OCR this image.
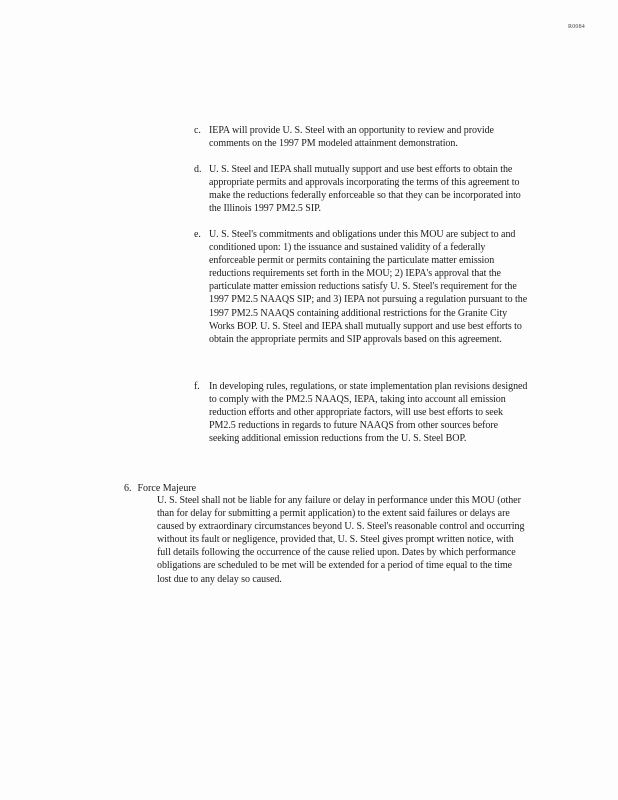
R0084
c. IEPA will provide U. S. Steel with an opportunity to review and provide comments on the 1997 PM modeled attainment demonstration.

d. U. S. Steel and IEPA shall mutually support and use best efforts to obtain the appropriate permits and approvals incorporating the terms of this agreement to make the reductions federally enforceable so that they can be incorporated into the Illinois 1997 PM2.5 SIP.

e. U. S. Steel's commitments and obligations under this MOU are subject to and conditioned upon: 1) the issuance and sustained validity of a federally enforceable permit or permits containing the particulate matter emission reductions requirements set forth in the MOU; 2) IEPA's approval that the particulate matter emission reductions satisfy U. S. Steel's requirement for the 1997 PM2.5 NAAQS SIP; and 3) IEPA not pursuing a regulation pursuant to the 1997 PM2.5 NAAQS containing additional restrictions for the Granite City Works BOP. U. S. Steel and IEPA shall mutually support and use best efforts to obtain the appropriate permits and SIP approvals based on this agreement.

f. In developing rules, regulations, or state implementation plan revisions designed to comply with the PM2.5 NAAQS, IEPA, taking into account all emission reduction efforts and other appropriate factors, will use best efforts to seek PM2.5 reductions in regards to future NAAQS from other sources before seeking additional emission reductions from the U. S. Steel BOP.

6. Force Majeure

U. S. Steel shall not be liable for any failure or delay in performance under this MOU (other than for delay for submitting a permit application) to the extent said failures or delays are caused by extraordinary circumstances beyond U. S. Steel's reasonable control and occurring without its fault or negligence, provided that, U. S. Steel gives prompt written notice, with full details following the occurrence of the cause relied upon. Dates by which performance obligations are scheduled to be met will be extended for a period of time equal to the time lost due to any delay so caused.
